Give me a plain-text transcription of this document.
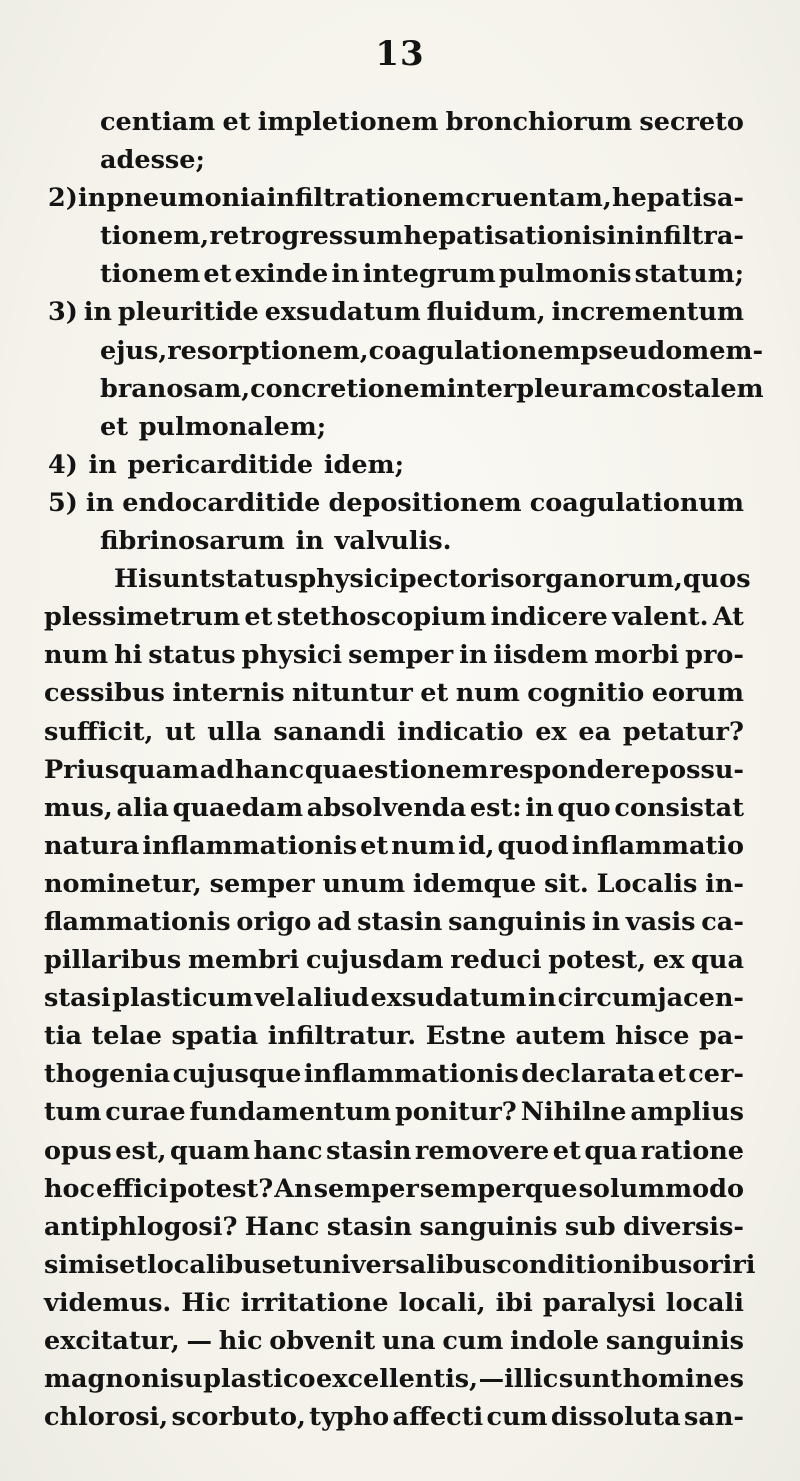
13
centiam et impletionem bronchiorum secreto
adesse;
2) in pneumonia infiltrationem cruentam, hepatisa-
tionem, retrogressum hepatisationis in infiltra-
tionem et exinde in integrum pulmonis statum;
3) in pleuritide exsudatum fluidum, incrementum
ejus, resorptionem, coagulationem pseudomem-
branosam, concretionem inter pleuram costalem
et pulmonalem;
4) in pericarditide idem;
5) in endocarditide depositionem coagulationum
fibrinosarum in valvulis.
Hi sunt status physici pectoris organorum, quos
plessimetrum et stethoscopium indicere valent. At
num hi status physici semper in iisdem morbi pro-
cessibus internis nituntur et num cognitio eorum
sufficit, ut ulla sanandi indicatio ex ea petatur?
Priusquam ad hanc quaestionem respondere possu-
mus, alia quaedam absolvenda est: in quo consistat
natura inflammationis et num id, quod inflammatio
nominetur, semper unum idemque sit. Localis in-
flammationis origo ad stasin sanguinis in vasis ca-
pillaribus membri cujusdam reduci potest, ex qua
stasi plasticum vel aliud exsudatum in circumjacen-
tia telae spatia infiltratur. Estne autem hisce pa-
thogenia cujusque inflammationis declarata et cer-
tum curae fundamentum ponitur? Nihilne amplius
opus est, quam hanc stasin removere et qua ratione
hoc effici potest? An semper semperque solummodo
antiphlogosi? Hanc stasin sanguinis sub diversis-
simis et localibus et universalibus conditionibus oriri
videmus. Hic irritatione locali, ibi paralysi locali
excitatur, — hic obvenit una cum indole sanguinis
magno nisu plastico excellentis, —illic sunt homines
chlorosi, scorbuto, typho affecti cum dissoluta san-
